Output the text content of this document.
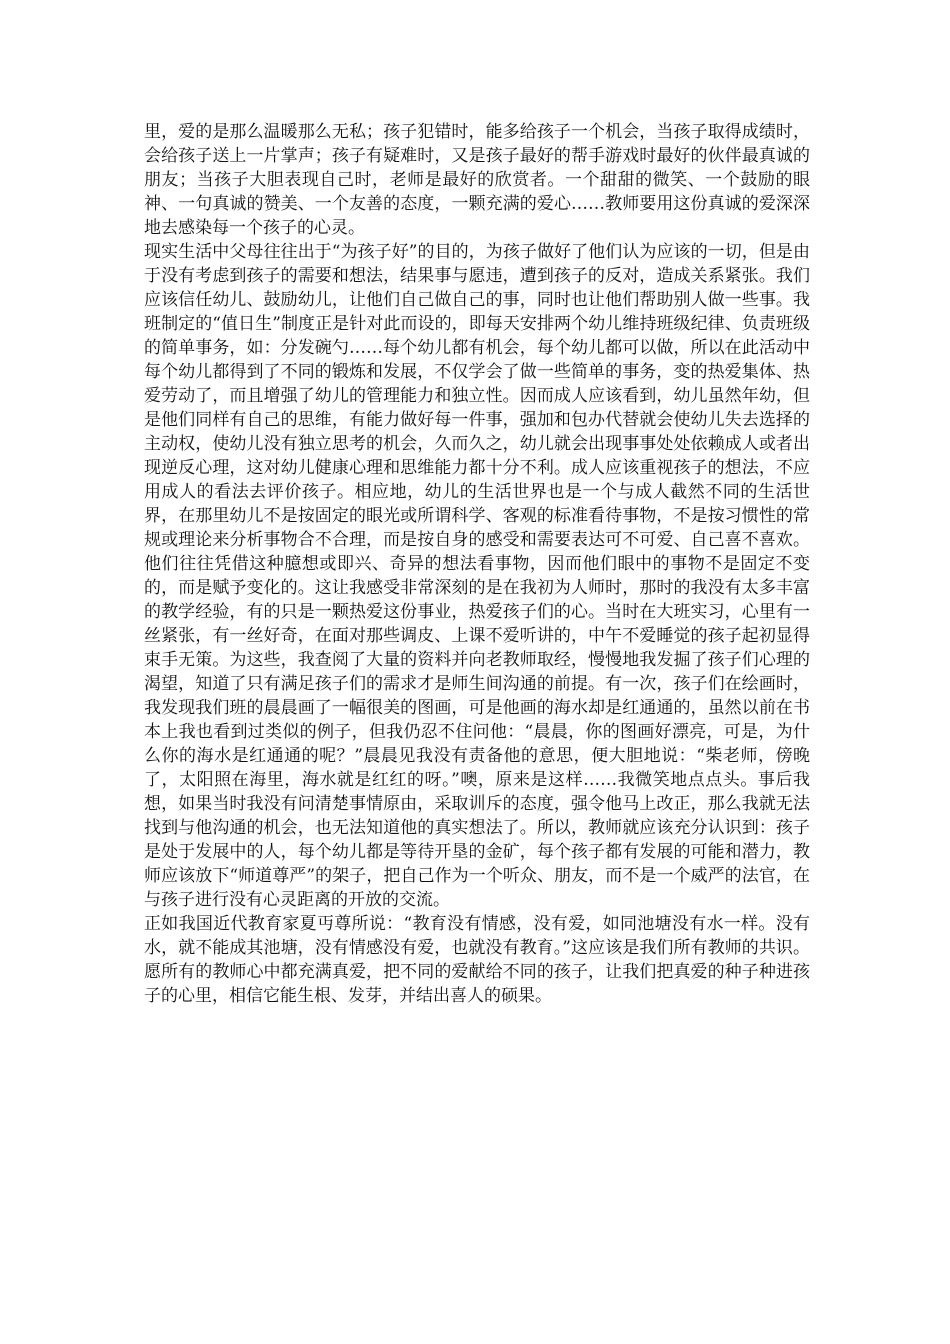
里，爱的是那么温暖那么无私；孩子犯错时，能多给孩子一个机会，当孩子取得成绩时，会给孩子送上一片掌声；孩子有疑难时，又是孩子最好的帮手游戏时最好的伙伴最真诚的朋友；当孩子大胆表现自己时，老师是最好的欣赏者。一个甜甜的微笑、一个鼓励的眼神、一句真诚的赞美、一个友善的态度，一颗充满的爱心……教师要用这份真诚的爱深深地去感染每一个孩子的心灵。

现实生活中父母往往出于“为孩子好”的目的，为孩子做好了他们认为应该的一切，但是由于没有考虑到孩子的需要和想法，结果事与愿违，遭到孩子的反对，造成关系紧张。我们应该信任幼儿、鼓励幼儿，让他们自己做自己的事，同时也让他们帮助别人做一些事。我班制定的“值日生”制度正是针对此而设的，即每天安排两个幼儿维持班级纪律、负责班级的简单事务，如：分发碗勺……每个幼儿都有机会，每个幼儿都可以做，所以在此活动中每个幼儿都得到了不同的锻炼和发展，不仅学会了做一些简单的事务，变的热爱集体、热爱劳动了，而且增强了幼儿的管理能力和独立性。因而成人应该看到，幼儿虽然年幼，但是他们同样有自己的思维，有能力做好每一件事，强加和包办代替就会使幼儿失去选择的主动权，使幼儿没有独立思考的机会，久而久之，幼儿就会出现事事处处依赖成人或者出现逆反心理，这对幼儿健康心理和思维能力都十分不利。成人应该重视孩子的想法，不应用成人的看法去评价孩子。相应地，幼儿的生活世界也是一个与成人截然不同的生活世界，在那里幼儿不是按固定的眼光或所谓科学、客观的标准看待事物，不是按习惯性的常规或理论来分析事物合不合理，而是按自身的感受和需要表达可不可爱、自己喜不喜欢。他们往往凭借这种臆想或即兴、奇异的想法看事物，因而他们眼中的事物不是固定不变的，而是赋予变化的。这让我感受非常深刻的是在我初为人师时，那时的我没有太多丰富的教学经验，有的只是一颗热爱这份事业，热爱孩子们的心。当时在大班实习，心里有一丝紧张，有一丝好奇，在面对那些调皮、上课不爱听讲的，中午不爱睡觉的孩子起初显得束手无策。为这些，我查阅了大量的资料并向老教师取经，慢慢地我发掘了孩子们心理的渴望，知道了只有满足孩子们的需求才是师生间沟通的前提。有一次，孩子们在绘画时，我发现我们班的晨晨画了一幅很美的图画，可是他画的海水却是红通通的，虽然以前在书本上我也看到过类似的例子，但我仍忍不住问他：“晨晨，你的图画好漂亮，可是，为什么你的海水是红通通的呢？”晨晨见我没有责备他的意思，便大胆地说：“柴老师，傍晚了，太阳照在海里，海水就是红红的呀。”噢，原来是这样……我微笑地点点头。事后我想，如果当时我没有问清楚事情原由，采取训斥的态度，强令他马上改正，那么我就无法找到与他沟通的机会，也无法知道他的真实想法了。所以，教师就应该充分认识到：孩子是处于发展中的人，每个幼儿都是等待开垦的金矿，每个孩子都有发展的可能和潜力，教师应该放下“师道尊严”的架子，把自己作为一个听众、朋友，而不是一个威严的法官，在与孩子进行没有心灵距离的开放的交流。

正如我国近代教育家夏丏尊所说：“教育没有情感，没有爱，如同池塘没有水一样。没有水，就不能成其池塘，没有情感没有爱，也就没有教育。”这应该是我们所有教师的共识。愿所有的教师心中都充满真爱，把不同的爱献给不同的孩子，让我们把真爱的种子种进孩子的心里，相信它能生根、发芽，并结出喜人的硕果。
